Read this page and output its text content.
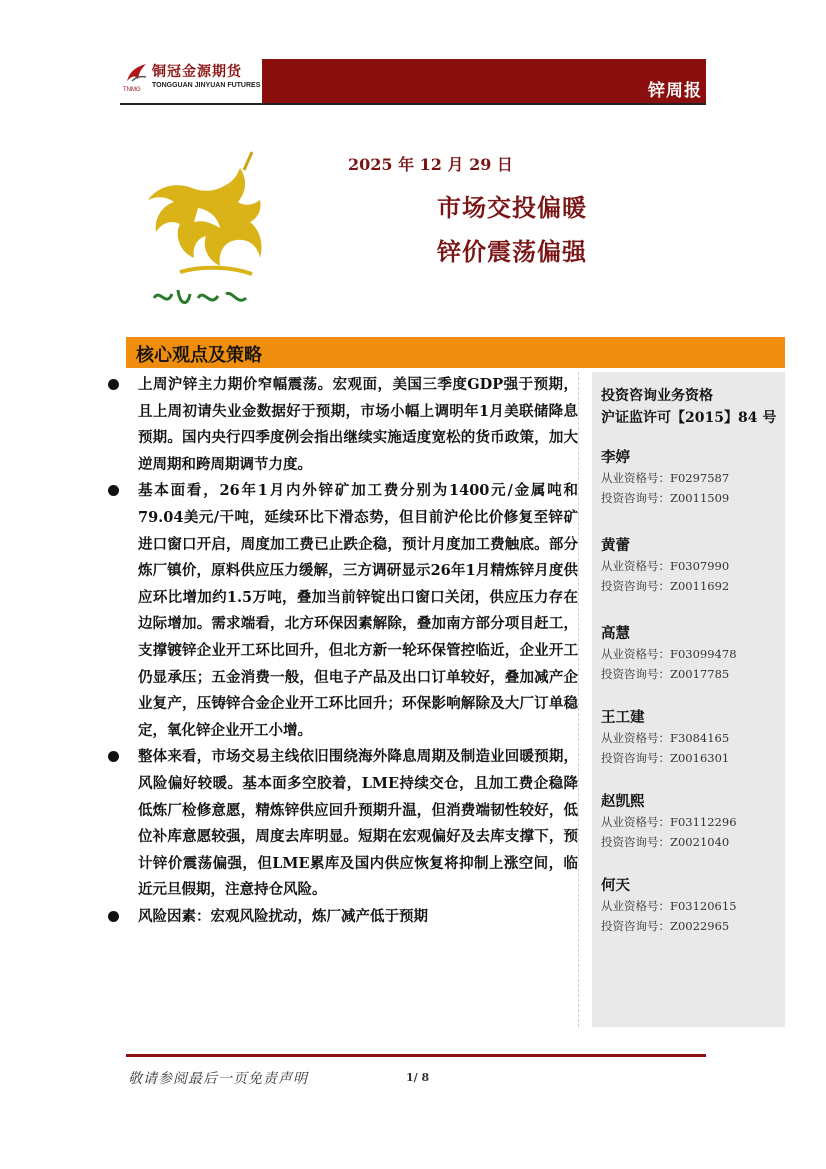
铜冠金源期货
TONGGUAN JINYUAN FUTURES
TNMG	锌周报
2025 年 12 月 29 日
市场交投偏暖
锌价震荡偏强
核心观点及策略

上周沪锌主力期价窄幅震荡。宏观面，美国三季度GDP强于预期，且上周初请失业金数据好于预期，市场小幅上调明年1月美联储降息预期。国内央行四季度例会指出继续实施适度宽松的货币政策，加大逆周期和跨周期调节力度。

基本面看，26年1月内外锌矿加工费分别为1400元/金属吨和79.04美元/干吨，延续环比下滑态势，但目前沪伦比价修复至锌矿进口窗口开启，周度加工费已止跌企稳，预计月度加工费触底。部分炼厂镇价，原料供应压力缓解，三方调研显示26年1月精炼锌月度供应环比增加约1.5万吨，叠加当前锌锭出口窗口关闭，供应压力存在边际增加。需求端看，北方环保因素解除，叠加南方部分项目赶工，支撑镀锌企业开工环比回升，但北方新一轮环保管控临近，企业开工仍显承压；五金消费一般，但电子产品及出口订单较好，叠加减产企业复产，压铸锌合金企业开工环比回升；环保影响解除及大厂订单稳定，氧化锌企业开工小增。

整体来看，市场交易主线依旧围绕海外降息周期及制造业回暖预期，风险偏好较暖。基本面多空胶着，LME持续交仓，且加工费企稳降低炼厂检修意愿，精炼锌供应回升预期升温，但消费端韧性较好，低位补库意愿较强，周度去库明显。短期在宏观偏好及去库支撑下，预计锌价震荡偏强，但LME累库及国内供应恢复将抑制上涨空间，临近元旦假期，注意持仓风险。

风险因素：宏观风险扰动，炼厂减产低于预期

投资咨询业务资格
沪证监许可【2015】84 号
李婷
从业资格号：F0297587
投资咨询号：Z0011509
黄蕾
从业资格号：F0307990
投资咨询号：Z0011692
高慧
从业资格号：F03099478
投资咨询号：Z0017785
王工建
从业资格号：F3084165
投资咨询号：Z0016301
赵凯熙
从业资格号：F03112296
投资咨询号：Z0021040
何天
从业资格号：F03120615
投资咨询号：Z0022965
敬请参阅最后一页免责声明	1/ 8
